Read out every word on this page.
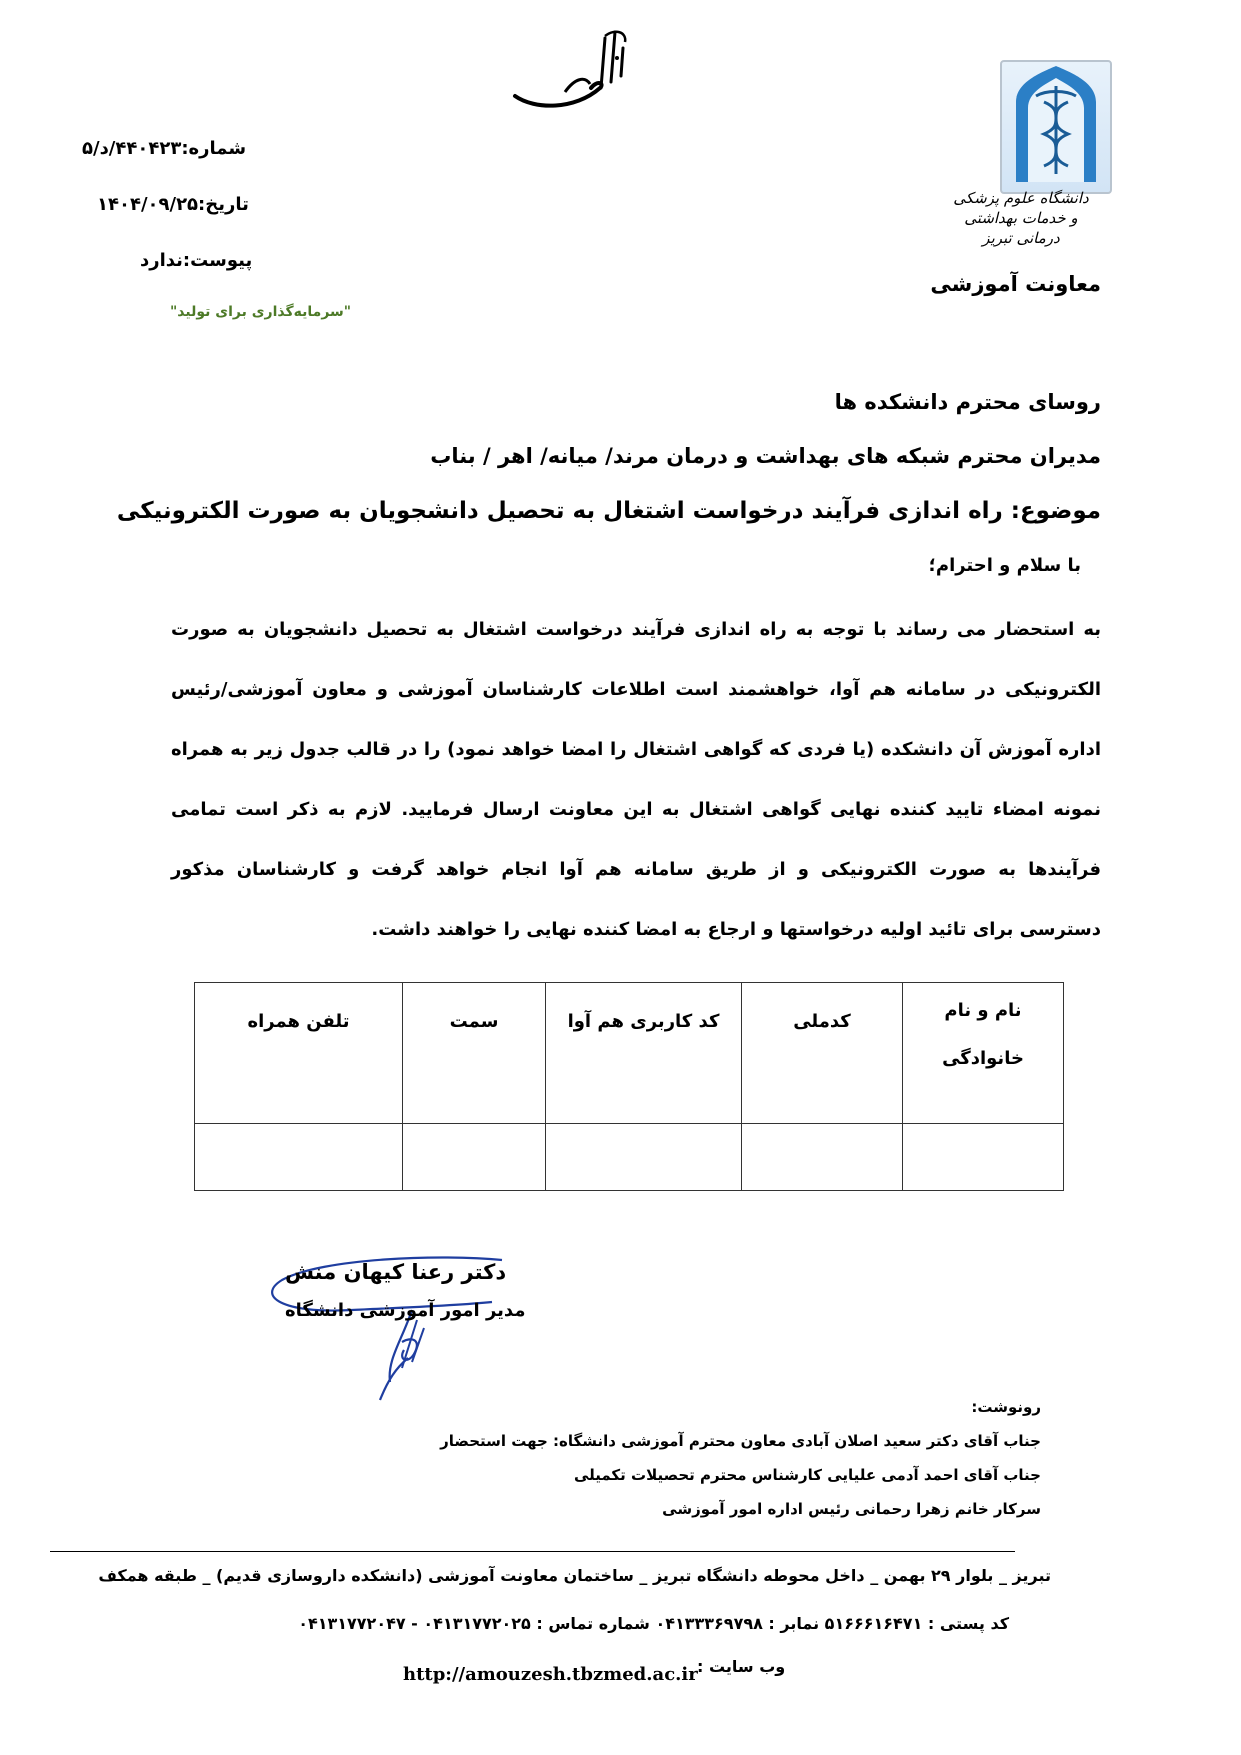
دانشگاه علوم پزشکی
و خدمات بهداشتی درمانی تبریز
معاونت آموزشی
شماره:۴۴۰۴۲۳/د/۵
تاریخ:۱۴۰۴/۰۹/۲۵
پیوست:ندارد
"سرمایه‌گذاری برای تولید"
روسای محترم دانشکده ها
مدیران محترم شبکه های بهداشت و درمان مرند/ میانه/ اهر / بناب
موضوع: راه اندازی فرآیند درخواست اشتغال به تحصیل دانشجویان به صورت الکترونیکی
با سلام و احترام؛
به استحضار می رساند با توجه به راه اندازی فرآیند درخواست اشتغال به تحصیل دانشجویان به صورت الکترونیکی در سامانه هم آوا، خواهشمند است اطلاعات کارشناسان آموزشی و معاون آموزشی/رئیس اداره آموزش آن دانشکده (یا فردی که گواهی اشتغال را امضا خواهد نمود) را در قالب جدول زیر به همراه نمونه امضاء تایید کننده نهایی گواهی اشتغال به این معاونت ارسال فرمایید. لازم به ذکر است تمامی فرآیندها به صورت الکترونیکی و از طریق سامانه هم آوا انجام خواهد گرفت و کارشناسان مذکور دسترسی برای تائید اولیه درخواستها و ارجاع به امضا کننده نهایی را خواهند داشت.
نام و نام
خانوادگی	کدملی	کد کاربری هم آوا	سمت	تلفن همراه

دکتر رعنا کیهان منش
مدیر امور آموزشی دانشگاه
رونوشت:
جناب آقای دکتر سعید اصلان آبادی معاون محترم آموزشی دانشگاه: جهت استحضار
جناب آقای احمد آدمی علیایی کارشناس محترم تحصیلات تکمیلی
سرکار خانم زهرا رحمانی رئیس اداره امور آموزشی
تبریز _ بلوار ۲۹ بهمن _ داخل محوطه دانشگاه تبریز _ ساختمان معاونت آموزشی (دانشکده داروسازی قدیم) _ طبقه همکف
کد پستی : ۵۱۶۶۶۱۶۴۷۱ نمابر : ۰۴۱۳۳۳۶۹۷۹۸ شماره تماس : ۰۴۱۳۱۷۷۲۰۲۵ - ۰۴۱۳۱۷۷۲۰۴۷
وب سایت :
http://amouzesh.tbzmed.ac.ir
